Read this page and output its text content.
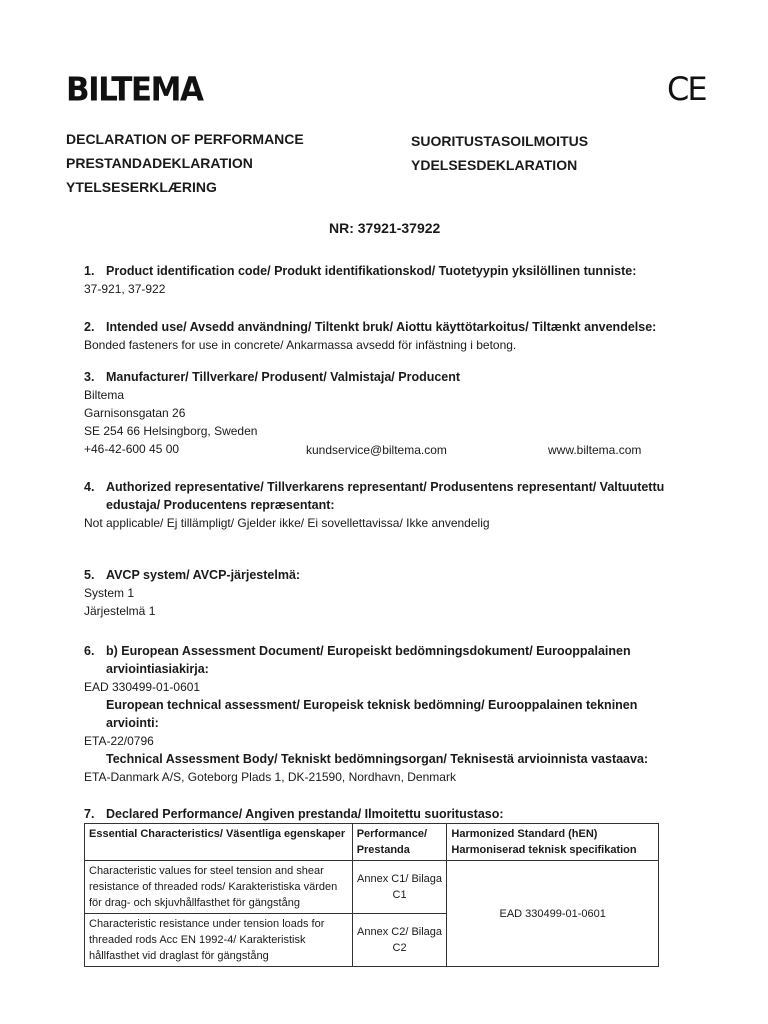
BILTEMA	CE
DECLARATION OF PERFORMANCE
PRESTANDADEKLARATION
YTELSESERKLÆRING
SUORITUSTASOILMOITUS
YDELSESDEKLARATION
NR: 37921-37922
1. Product identification code/ Produkt identifikationskod/ Tuotetyypin yksilöllinen tunniste:
37-921, 37-922
2. Intended use/ Avsedd användning/ Tiltenkt bruk/ Aiottu käyttötarkoitus/ Tiltænkt anvendelse:
Bonded fasteners for use in concrete/ Ankarmassa avsedd för infästning i betong.
3. Manufacturer/ Tillverkare/ Produsent/ Valmistaja/ Producent
Biltema
Garnisonsgatan 26
SE 254 66 Helsingborg, Sweden
+46-42-600 45 00	kundservice@biltema.com	www.biltema.com
4. Authorized representative/ Tillverkarens representant/ Produsentens representant/ Valtuutettu
edustaja/ Producentens repræsentant:
Not applicable/ Ej tillämpligt/ Gjelder ikke/ Ei sovellettavissa/ Ikke anvendelig
5. AVCP system/ AVCP-järjestelmä:
System 1
Järjestelmä 1
6. b) European Assessment Document/ Europeiskt bedömningsdokument/ Eurooppalainen
arviointiasiakirja:
EAD 330499-01-0601
European technical assessment/ Europeisk teknisk bedömning/ Eurooppalainen tekninen
arviointi:
ETA-22/0796
Technical Assessment Body/ Tekniskt bedömningsorgan/ Teknisestä arvioinnista vastaava:
ETA-Danmark A/S, Goteborg Plads 1, DK-21590, Nordhavn, Denmark
7. Declared Performance/ Angiven prestanda/ Ilmoitettu suoritustaso:
Essential Characteristics/ Väsentliga egenskaper	Performance/ Prestanda	Harmonized Standard (hEN) Harmoniserad teknisk specifikation
Characteristic values for steel tension and shear resistance of threaded rods/ Karakteristiska värden för drag- och skjuvhållfasthet för gängstång	Annex C1/ Bilaga C1	EAD 330499-01-0601
Characteristic resistance under tension loads for threaded rods Acc EN 1992-4/ Karakteristisk hållfasthet vid draglast för gängstång	Annex C2/ Bilaga C2	
